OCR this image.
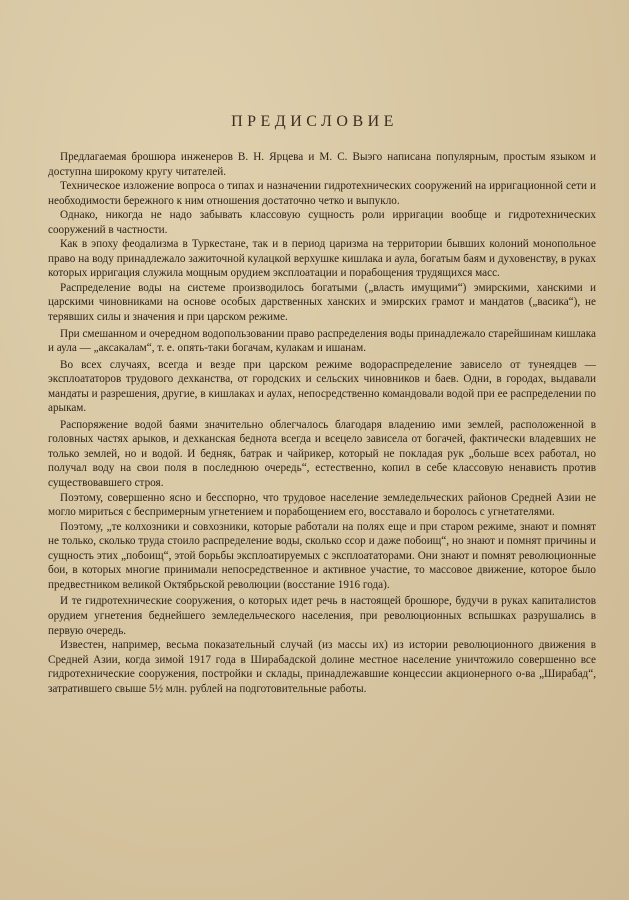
ПРЕДИСЛОВИЕ

Предлагаемая брошюра инженеров В. Н. Ярцева и М. С. Выэго написана популярным, простым языком и доступна широкому кругу читателей.

Техническое изложение вопроса о типах и назначении гидротехнических сооружений на ирригационной сети и необходимости бережного к ним отношения достаточно четко и выпукло.

Однако, никогда не надо забывать классовую сущность роли ирригации вообще и гидротехнических сооружений в частности.

Как в эпоху феодализма в Туркестане, так и в период царизма на территории бывших колоний монопольное право на воду принадлежало зажиточной кулацкой верхушке кишлака и аула, богатым баям и духовенству, в руках которых ирригация служила мощным орудием эксплоатации и порабощения трудящихся масс.

Распределение воды на системе производилось богатыми („власть имущими“) эмирскими, ханскими и царскими чиновниками на основе особых дарственных ханских и эмирских грамот и мандатов („васика“), не терявших силы и значения и при царском режиме.

При смешанном и очередном водопользовании право распределения воды принадлежало старейшинам кишлака и аула — „аксакалам“, т. е. опять-таки богачам, кулакам и ишанам.

Во всех случаях, всегда и везде при царском режиме водораспределение зависело от тунеядцев — эксплоататоров трудового дехканства, от городских и сельских чиновников и баев. Одни, в городах, выдавали мандаты и разрешения, другие, в кишлаках и аулах, непосредственно командовали водой при ее распределении по арыкам.

Распоряжение водой баями значительно облегчалось благодаря владению ими землей, расположенной в головных частях арыков, и дехканская беднота всегда и всецело зависела от богачей, фактически владевших не только землей, но и водой. И бедняк, батрак и чайрикер, который не покладая рук „больше всех работал, но получал воду на свои поля в последнюю очередь“, естественно, копил в себе классовую ненависть против существовавшего строя.

Поэтому, совершенно ясно и бесспорно, что трудовое население земледельческих районов Средней Азии не могло мириться с беспримерным угнетением и порабощением его, восставало и боролось с угнетателями.

Поэтому, „те колхозники и совхозники, которые работали на полях еще и при старом режиме, знают и помнят не только, сколько труда стоило распределение воды, сколько ссор и даже побоищ“, но знают и помнят причины и сущность этих „побоищ“, этой борьбы эксплоатируемых с эксплоататорами. Они знают и помнят революционные бои, в которых многие принимали непосредственное и активное участие, то массовое движение, которое было предвестником великой Октябрьской революции (восстание 1916 года).

И те гидротехнические сооружения, о которых идет речь в настоящей брошюре, будучи в руках капиталистов орудием угнетения беднейшего земледельческого населения, при революционных вспышках разрушались в первую очередь.

Известен, например, весьма показательный случай (из массы их) из истории революционного движения в Средней Азии, когда зимой 1917 года в Ширабадской долине местное население уничтожило совершенно все гидротехнические сооружения, постройки и склады, принадлежавшие концессии акционерного о-ва „Ширабад“, затратившего свыше 5½ млн. рублей на подготовительные работы.
